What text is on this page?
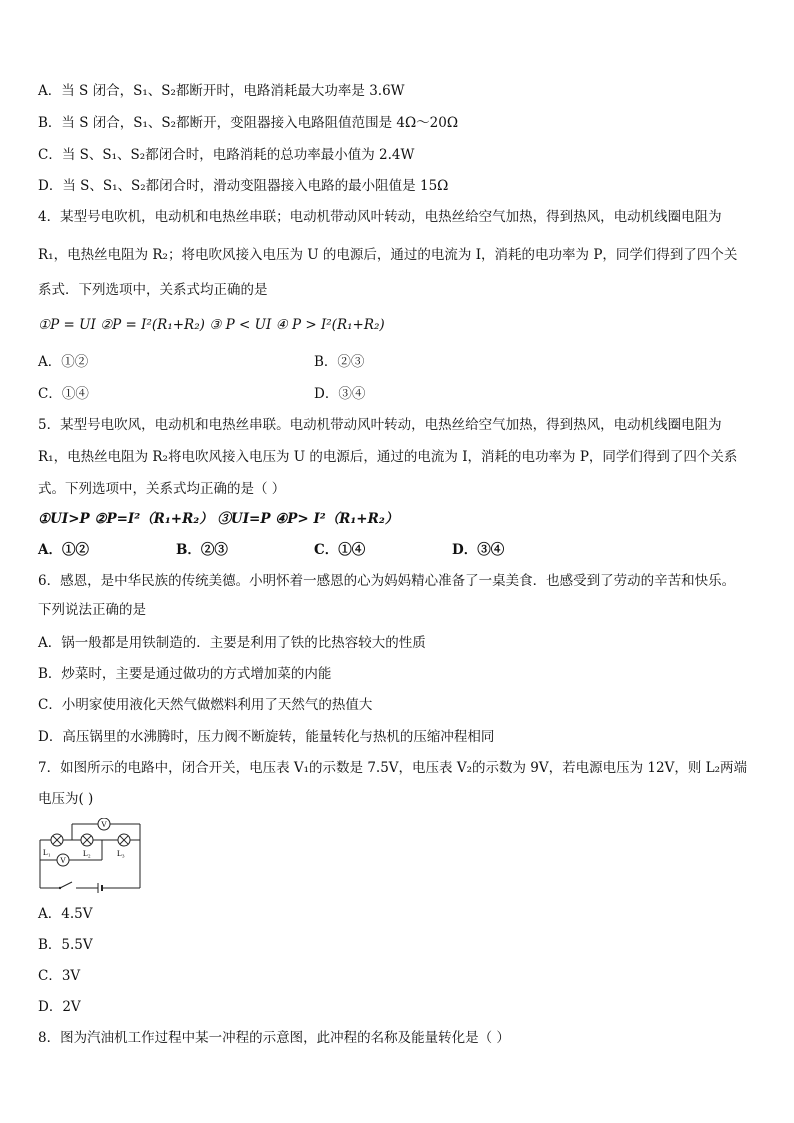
A．当 S 闭合，S₁、S₂都断开时，电路消耗最大功率是 3.6W
B．当 S 闭合，S₁、S₂都断开，变阻器接入电路阻值范围是 4Ω～20Ω
C．当 S、S₁、S₂都闭合时，电路消耗的总功率最小值为 2.4W
D．当 S、S₁、S₂都闭合时，滑动变阻器接入电路的最小阻值是 15Ω
4．某型号电吹机，电动机和电热丝串联；电动机带动风叶转动，电热丝给空气加热，得到热风，电动机线圈电阻为
R₁，电热丝电阻为 R₂；将电吹风接入电压为 U 的电源后，通过的电流为 I，消耗的电功率为 P，同学们得到了四个关
系式．下列选项中，关系式均正确的是
①P = UI ②P = I²(R₁+R₂) ③ P < UI ④ P > I²(R₁+R₂)
A．①②	B．②③
C．①④	D．③④
5．某型号电吹风，电动机和电热丝串联。电动机带动风叶转动，电热丝给空气加热，得到热风，电动机线圈电阻为
R₁，电热丝电阻为 R₂将电吹风接入电压为 U 的电源后，通过的电流为 I，消耗的电功率为 P，同学们得到了四个关系
式。下列选项中，关系式均正确的是（ ）
①UI>P ②P=I²（R₁+R₂） ③UI=P ④P> I²（R₁+R₂）
A．①②	B．②③	C．①④	D．③④
6．感恩，是中华民族的传统美德。小明怀着一感恩的心为妈妈精心准备了一桌美食．也感受到了劳动的辛苦和快乐。
下列说法正确的是
A．锅一般都是用铁制造的．主要是利用了铁的比热容较大的性质
B．炒菜时，主要是通过做功的方式增加菜的内能
C．小明家使用液化天然气做燃料利用了天然气的热值大
D．高压锅里的水沸腾时，压力阀不断旋转，能量转化与热机的压缩冲程相同
7．如图所示的电路中，闭合开关，电压表 V₁的示数是 7.5V，电压表 V₂的示数为 9V，若电源电压为 12V，则 L₂两端
电压为( )
V
V
L₁	L₂	L₃
A．4.5V
B．5.5V
C．3V
D．2V
8．图为汽油机工作过程中某一冲程的示意图，此冲程的名称及能量转化是（ ）
